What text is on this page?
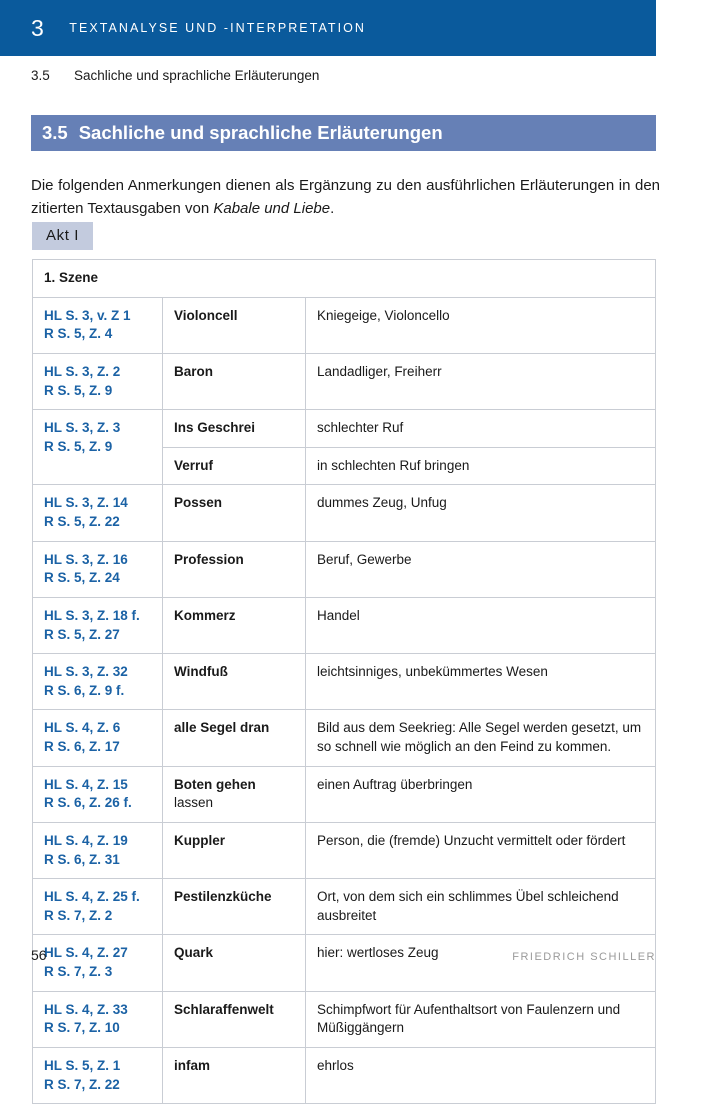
3 TEXTANALYSE UND -INTERPRETATION
3.5	Sachliche und sprachliche Erläuterungen
3.5 Sachliche und sprachliche Erläuterungen

Die folgenden Anmerkungen dienen als Ergänzung zu den ausführlichen Erläuterungen in den zitierten Textausgaben von Kabale und Liebe.

Akt I
1. Szene		
HL S. 3, v. Z 1
R S. 5, Z. 4	Violoncell	Kniegeige, Violoncello
HL S. 3, Z. 2
R S. 5, Z. 9	Baron	Landadliger, Freiherr
HL S. 3, Z. 3
R S. 5, Z. 9	Ins Geschrei	schlechter Ruf
	Verruf	in schlechten Ruf bringen
HL S. 3, Z. 14
R S. 5, Z. 22	Possen	dummes Zeug, Unfug
HL S. 3, Z. 16
R S. 5, Z. 24	Profession	Beruf, Gewerbe
HL S. 3, Z. 18 f.
R S. 5, Z. 27	Kommerz	Handel
HL S. 3, Z. 32
R S. 6, Z. 9 f.	Windfuß	leichtsinniges, unbekümmertes Wesen
HL S. 4, Z. 6
R S. 6, Z. 17	alle Segel dran	Bild aus dem Seekrieg: Alle Segel werden gesetzt, um so schnell wie möglich an den Feind zu kommen.
HL S. 4, Z. 15
R S. 6, Z. 26 f.	Boten gehen
lassen	einen Auftrag überbringen
HL S. 4, Z. 19
R S. 6, Z. 31	Kuppler	Person, die (fremde) Unzucht vermittelt oder fördert
HL S. 4, Z. 25 f.
R S. 7, Z. 2	Pestilenzküche	Ort, von dem sich ein schlimmes Übel schleichend ausbreitet
HL S. 4, Z. 27
R S. 7, Z. 3	Quark	hier: wertloses Zeug
HL S. 4, Z. 33
R S. 7, Z. 10	Schlaraffenwelt	Schimpfwort für Aufenthaltsort von Faulenzern und Müßiggängern
HL S. 5, Z. 1
R S. 7, Z. 22	infam	ehrlos
56	FRIEDRICH SCHILLER
